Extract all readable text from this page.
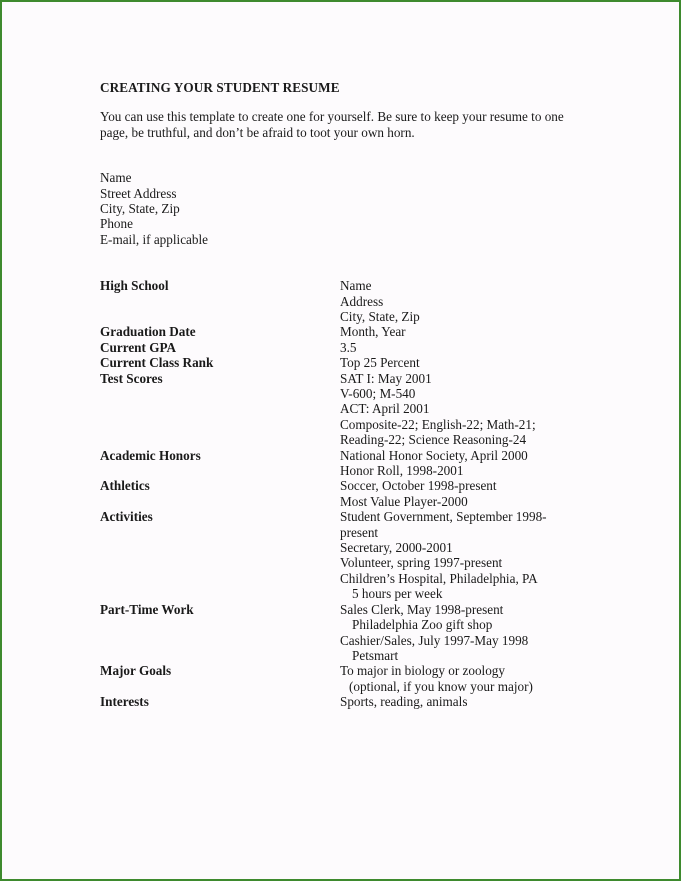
CREATING YOUR STUDENT RESUME
You can use this template to create one for yourself. Be sure to keep your resume to one page, be truthful, and don’t be afraid to toot your own horn.
Name
Street Address
City, State, Zip
Phone
E-mail, if applicable
High School	Name
Address
City, State, Zip
Graduation Date	Month, Year
Current GPA	3.5
Current Class Rank	Top 25 Percent
Test Scores	SAT I: May 2001
V-600; M-540
ACT: April 2001
Composite-22; English-22; Math-21;
Reading-22; Science Reasoning-24
Academic Honors	National Honor Society, April 2000
Honor Roll, 1998-2001
Athletics	Soccer, October 1998-present
Most Value Player-2000
Activities	Student Government, September 1998-
present
Secretary, 2000-2001
Volunteer, spring 1997-present
Children’s Hospital, Philadelphia, PA
5 hours per week
Part-Time Work	Sales Clerk, May 1998-present
Philadelphia Zoo gift shop
Cashier/Sales, July 1997-May 1998
Petsmart
Major Goals	To major in biology or zoology
(optional, if you know your major)
Interests	Sports, reading, animals
